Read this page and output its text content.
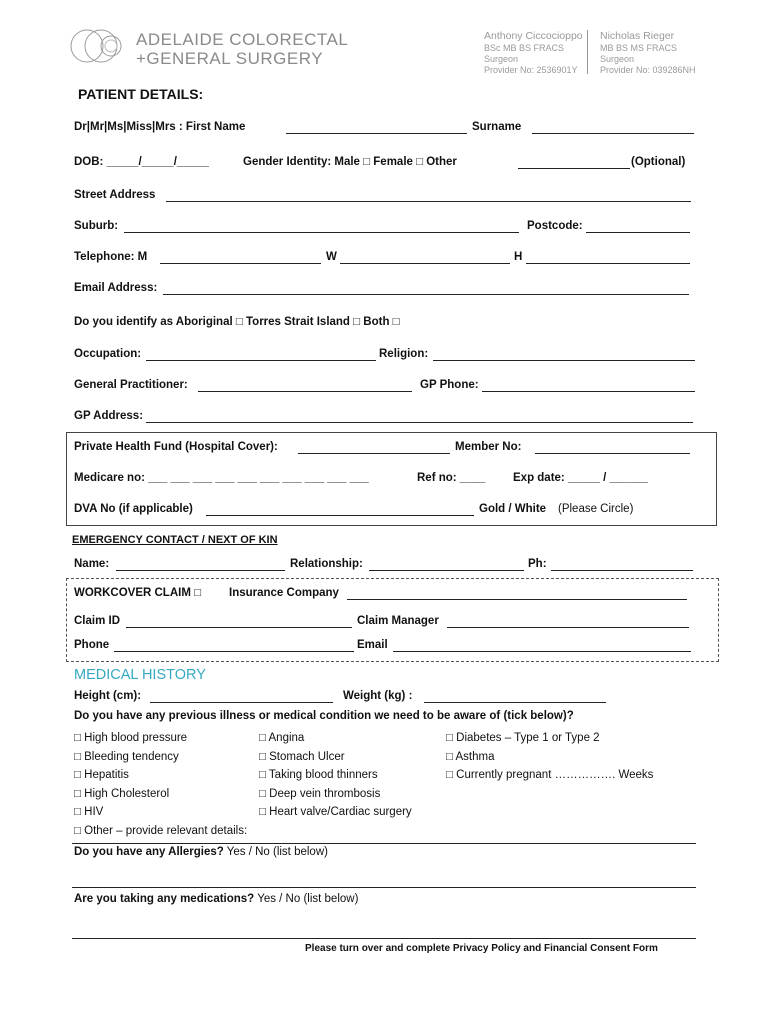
ADELAIDE COLORECTAL
+GENERAL SURGERY
Anthony Ciccocioppo
BSc MB BS FRACS
Surgeon
Provider No: 2536901Y
Nicholas Rieger
MB BS MS FRACS
Surgeon
Provider No: 039286NH
PATIENT DETAILS:
Dr|Mr|Ms|Miss|Mrs : First Name	Surname
DOB: _____/_____/_____	Gender Identity: Male □ Female □ Other	(Optional)
Street Address
Suburb:	Postcode:
Telephone: M	W	H
Email Address:
Do you identify as Aboriginal □ Torres Strait Island □ Both □
Occupation:	Religion:
General Practitioner:	GP Phone:
GP Address:
Private Health Fund (Hospital Cover):	Member No:
Medicare no: ___ ___ ___ ___ ___ ___ ___ ___ ___ ___	Ref no: ____ Exp date: _____ / ______
DVA No (if applicable)	Gold / White (Please Circle)
EMERGENCY CONTACT / NEXT OF KIN
Name:	Relationship:	Ph:
WORKCOVER CLAIM □ Insurance Company
Claim ID	Claim Manager
Phone	Email
MEDICAL HISTORY
Height (cm):	Weight (kg) :
Do you have any previous illness or medical condition we need to be aware of (tick below)?
□ High blood pressure
□ Bleeding tendency
□ Hepatitis
□ High Cholesterol
□ HIV
□ Other – provide relevant details:
□ Angina
□ Stomach Ulcer
□ Taking blood thinners
□ Deep vein thrombosis
□ Heart valve/Cardiac surgery
□ Diabetes – Type 1 or Type 2
□ Asthma
□ Currently pregnant ……………. Weeks
Do you have any Allergies? Yes / No (list below)
Are you taking any medications? Yes / No (list below)
Please turn over and complete Privacy Policy and Financial Consent Form
